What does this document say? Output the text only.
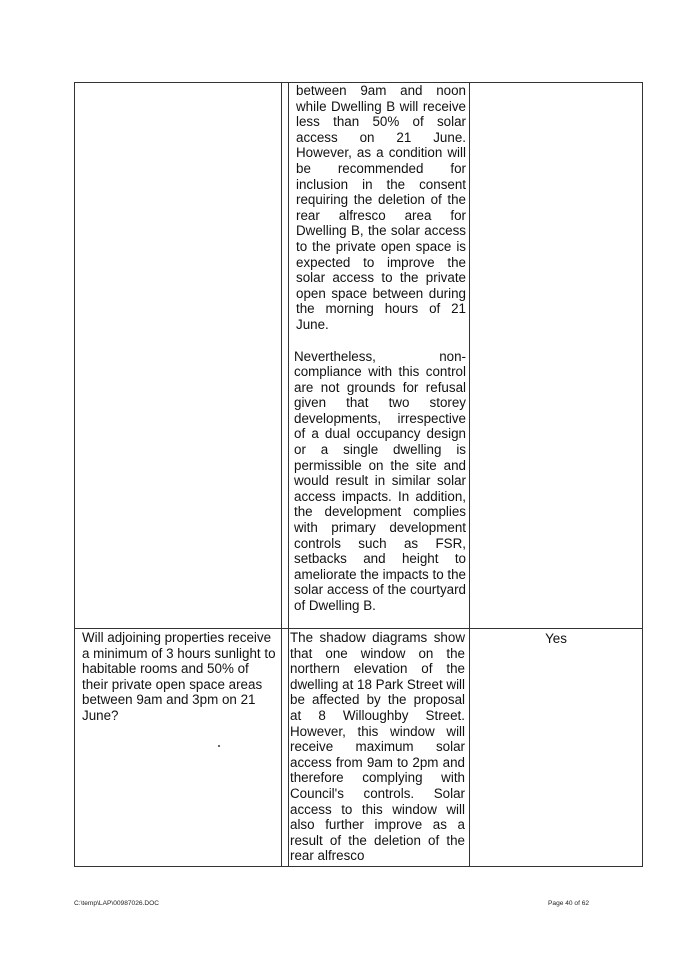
between 9am and noon while Dwelling B will receive less than 50% of solar access on 21 June. However, as a condition will be recommended for inclusion in the consent requiring the deletion of the rear alfresco area for Dwelling B, the solar access to the private open space is expected to improve the solar access to the private open space between during the morning hours of 21 June.

Nevertheless, non-compliance with this control are not grounds for refusal given that two storey developments, irrespective of a dual occupancy design or a single dwelling is permissible on the site and would result in similar solar access impacts. In addition, the development complies with primary development controls such as FSR, setbacks and height to ameliorate the impacts to the solar access of the courtyard of Dwelling B.

Will adjoining properties receive a minimum of 3 hours sunlight to habitable rooms and 50% of their private open space areas between 9am and 3pm on 21 June?

The shadow diagrams show that one window on the northern elevation of the dwelling at 18 Park Street will be affected by the proposal at 8 Willoughby Street. However, this window will receive maximum solar access from 9am to 2pm and therefore complying with Council's controls. Solar access to this window will also further improve as a result of the deletion of the rear alfresco

Yes
C:\temp\LAP\00987026.DOC	Page 40 of 62
